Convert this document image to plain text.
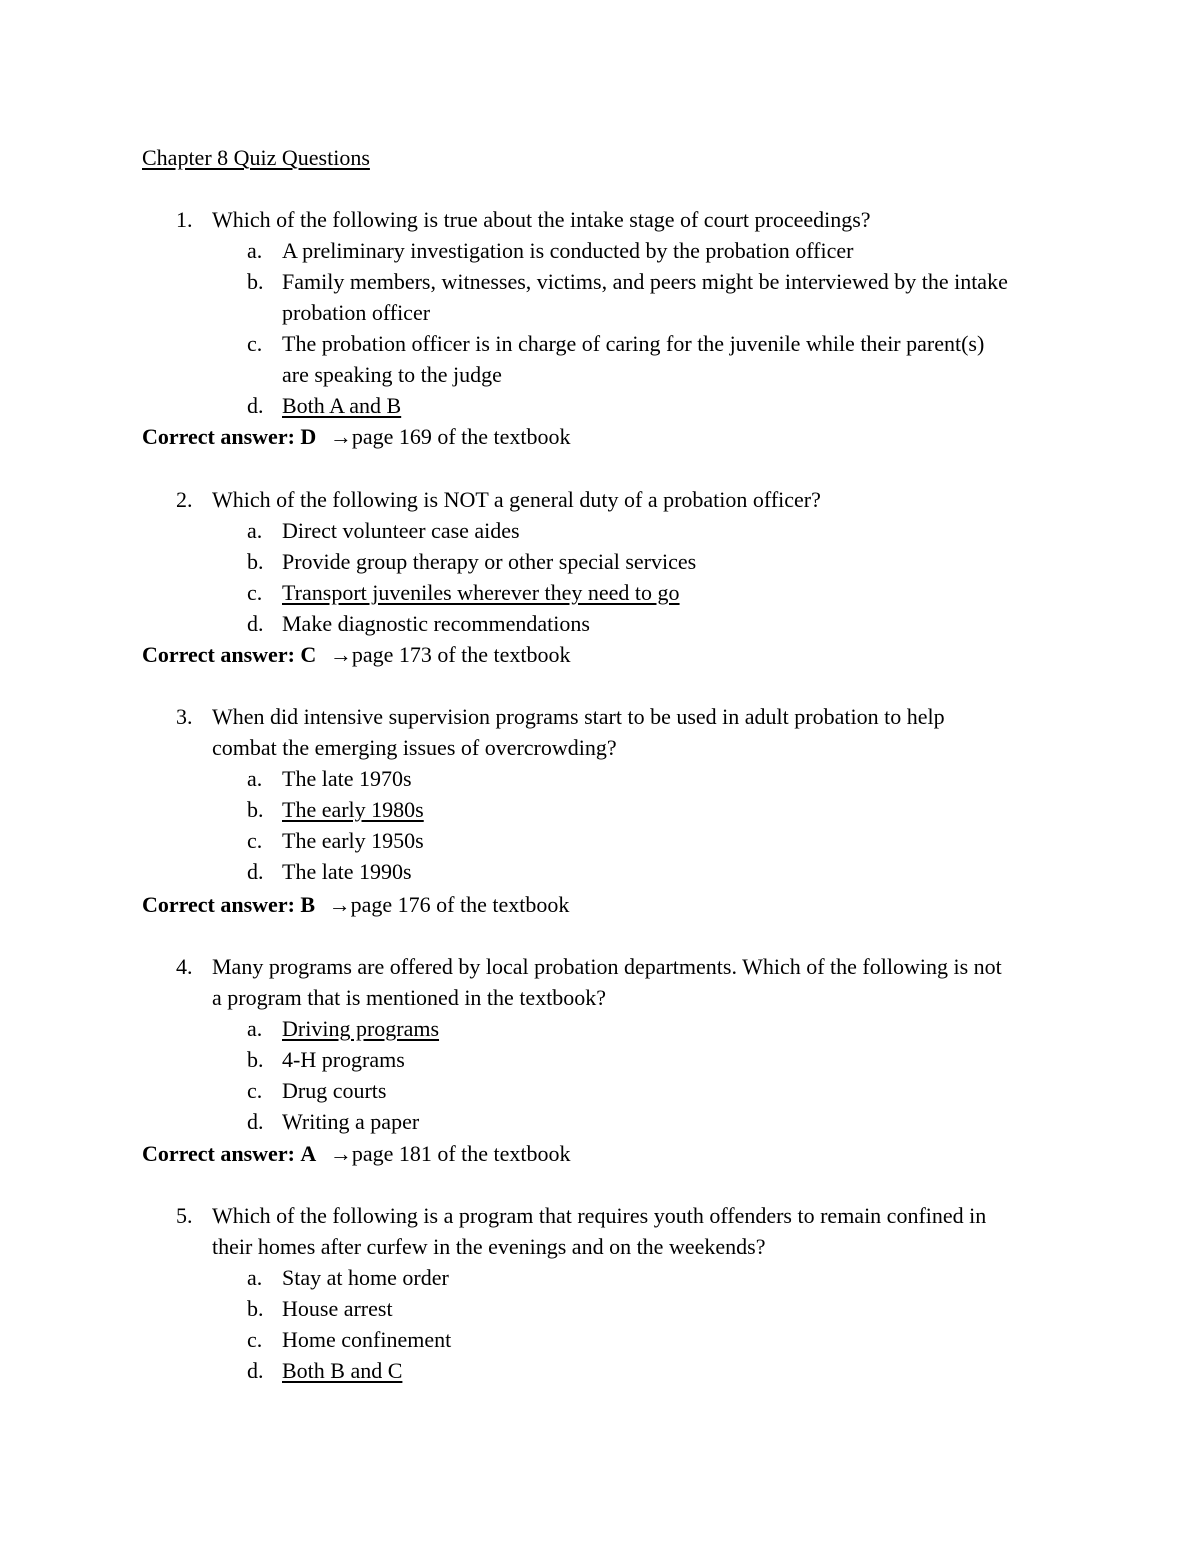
Chapter 8 Quiz Questions
1. Which of the following is true about the intake stage of court proceedings?
a. A preliminary investigation is conducted by the probation officer
b. Family members, witnesses, victims, and peers might be interviewed by the intake
probation officer
c. The probation officer is in charge of caring for the juvenile while their parent(s)
are speaking to the judge
d. Both A and B
Correct answer: D →page 169 of the textbook
2. Which of the following is NOT a general duty of a probation officer?
a. Direct volunteer case aides
b. Provide group therapy or other special services
c. Transport juveniles wherever they need to go
d. Make diagnostic recommendations
Correct answer: C →page 173 of the textbook
3. When did intensive supervision programs start to be used in adult probation to help
combat the emerging issues of overcrowding?
a. The late 1970s
b. The early 1980s
c. The early 1950s
d. The late 1990s
Correct answer: B →page 176 of the textbook
4. Many programs are offered by local probation departments. Which of the following is not
a program that is mentioned in the textbook?
a. Driving programs
b. 4-H programs
c. Drug courts
d. Writing a paper
Correct answer: A →page 181 of the textbook
5. Which of the following is a program that requires youth offenders to remain confined in
their homes after curfew in the evenings and on the weekends?
a. Stay at home order
b. House arrest
c. Home confinement
d. Both B and C
